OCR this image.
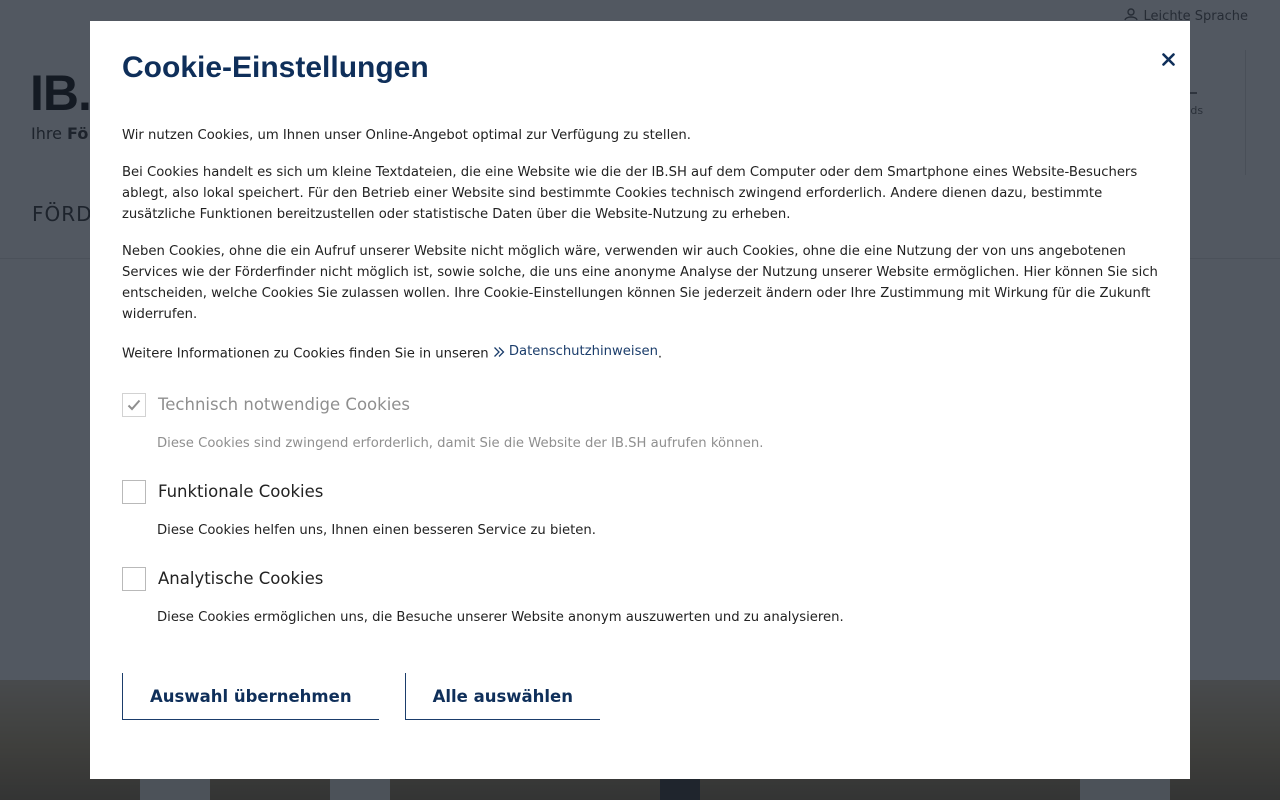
Cookie-Einstellungen

Wir nutzen Cookies, um Ihnen unser Online-Angebot optimal zur Verfügung zu stellen.

Bei Cookies handelt es sich um kleine Textdateien, die eine Website wie die der IB.SH auf dem Computer oder dem Smartphone eines Website-Besuchers ablegt, also lokal speichert. Für den Betrieb einer Website sind bestimmte Cookies technisch zwingend erforderlich. Andere dienen dazu, bestimmte zusätzliche Funktionen bereitzustellen oder statistische Daten über die Website-Nutzung zu erheben.

Neben Cookies, ohne die ein Aufruf unserer Website nicht möglich wäre, verwenden wir auch Cookies, ohne die eine Nutzung der von uns angebotenen Services wie der Förderfinder nicht möglich ist, sowie solche, die uns eine anonyme Analyse der Nutzung unserer Website ermöglichen. Hier können Sie sich entscheiden, welche Cookies Sie zulassen wollen. Ihre Cookie-Einstellungen können Sie jederzeit ändern oder Ihre Zustimmung mit Wirkung für die Zukunft widerrufen.

Weitere Informationen zu Cookies finden Sie in unseren Datenschutzhinweisen .

Technisch notwendige Cookies
Diese Cookies sind zwingend erforderlich, damit Sie die Website der IB.SH aufrufen können.
Funktionale Cookies
Diese Cookies helfen uns, Ihnen einen besseren Service zu bieten.
Analytische Cookies
Diese Cookies ermöglichen uns, die Besuche unserer Website anonym auszuwerten und zu analysieren.
Auswahl übernehmen	Alle auswählen
